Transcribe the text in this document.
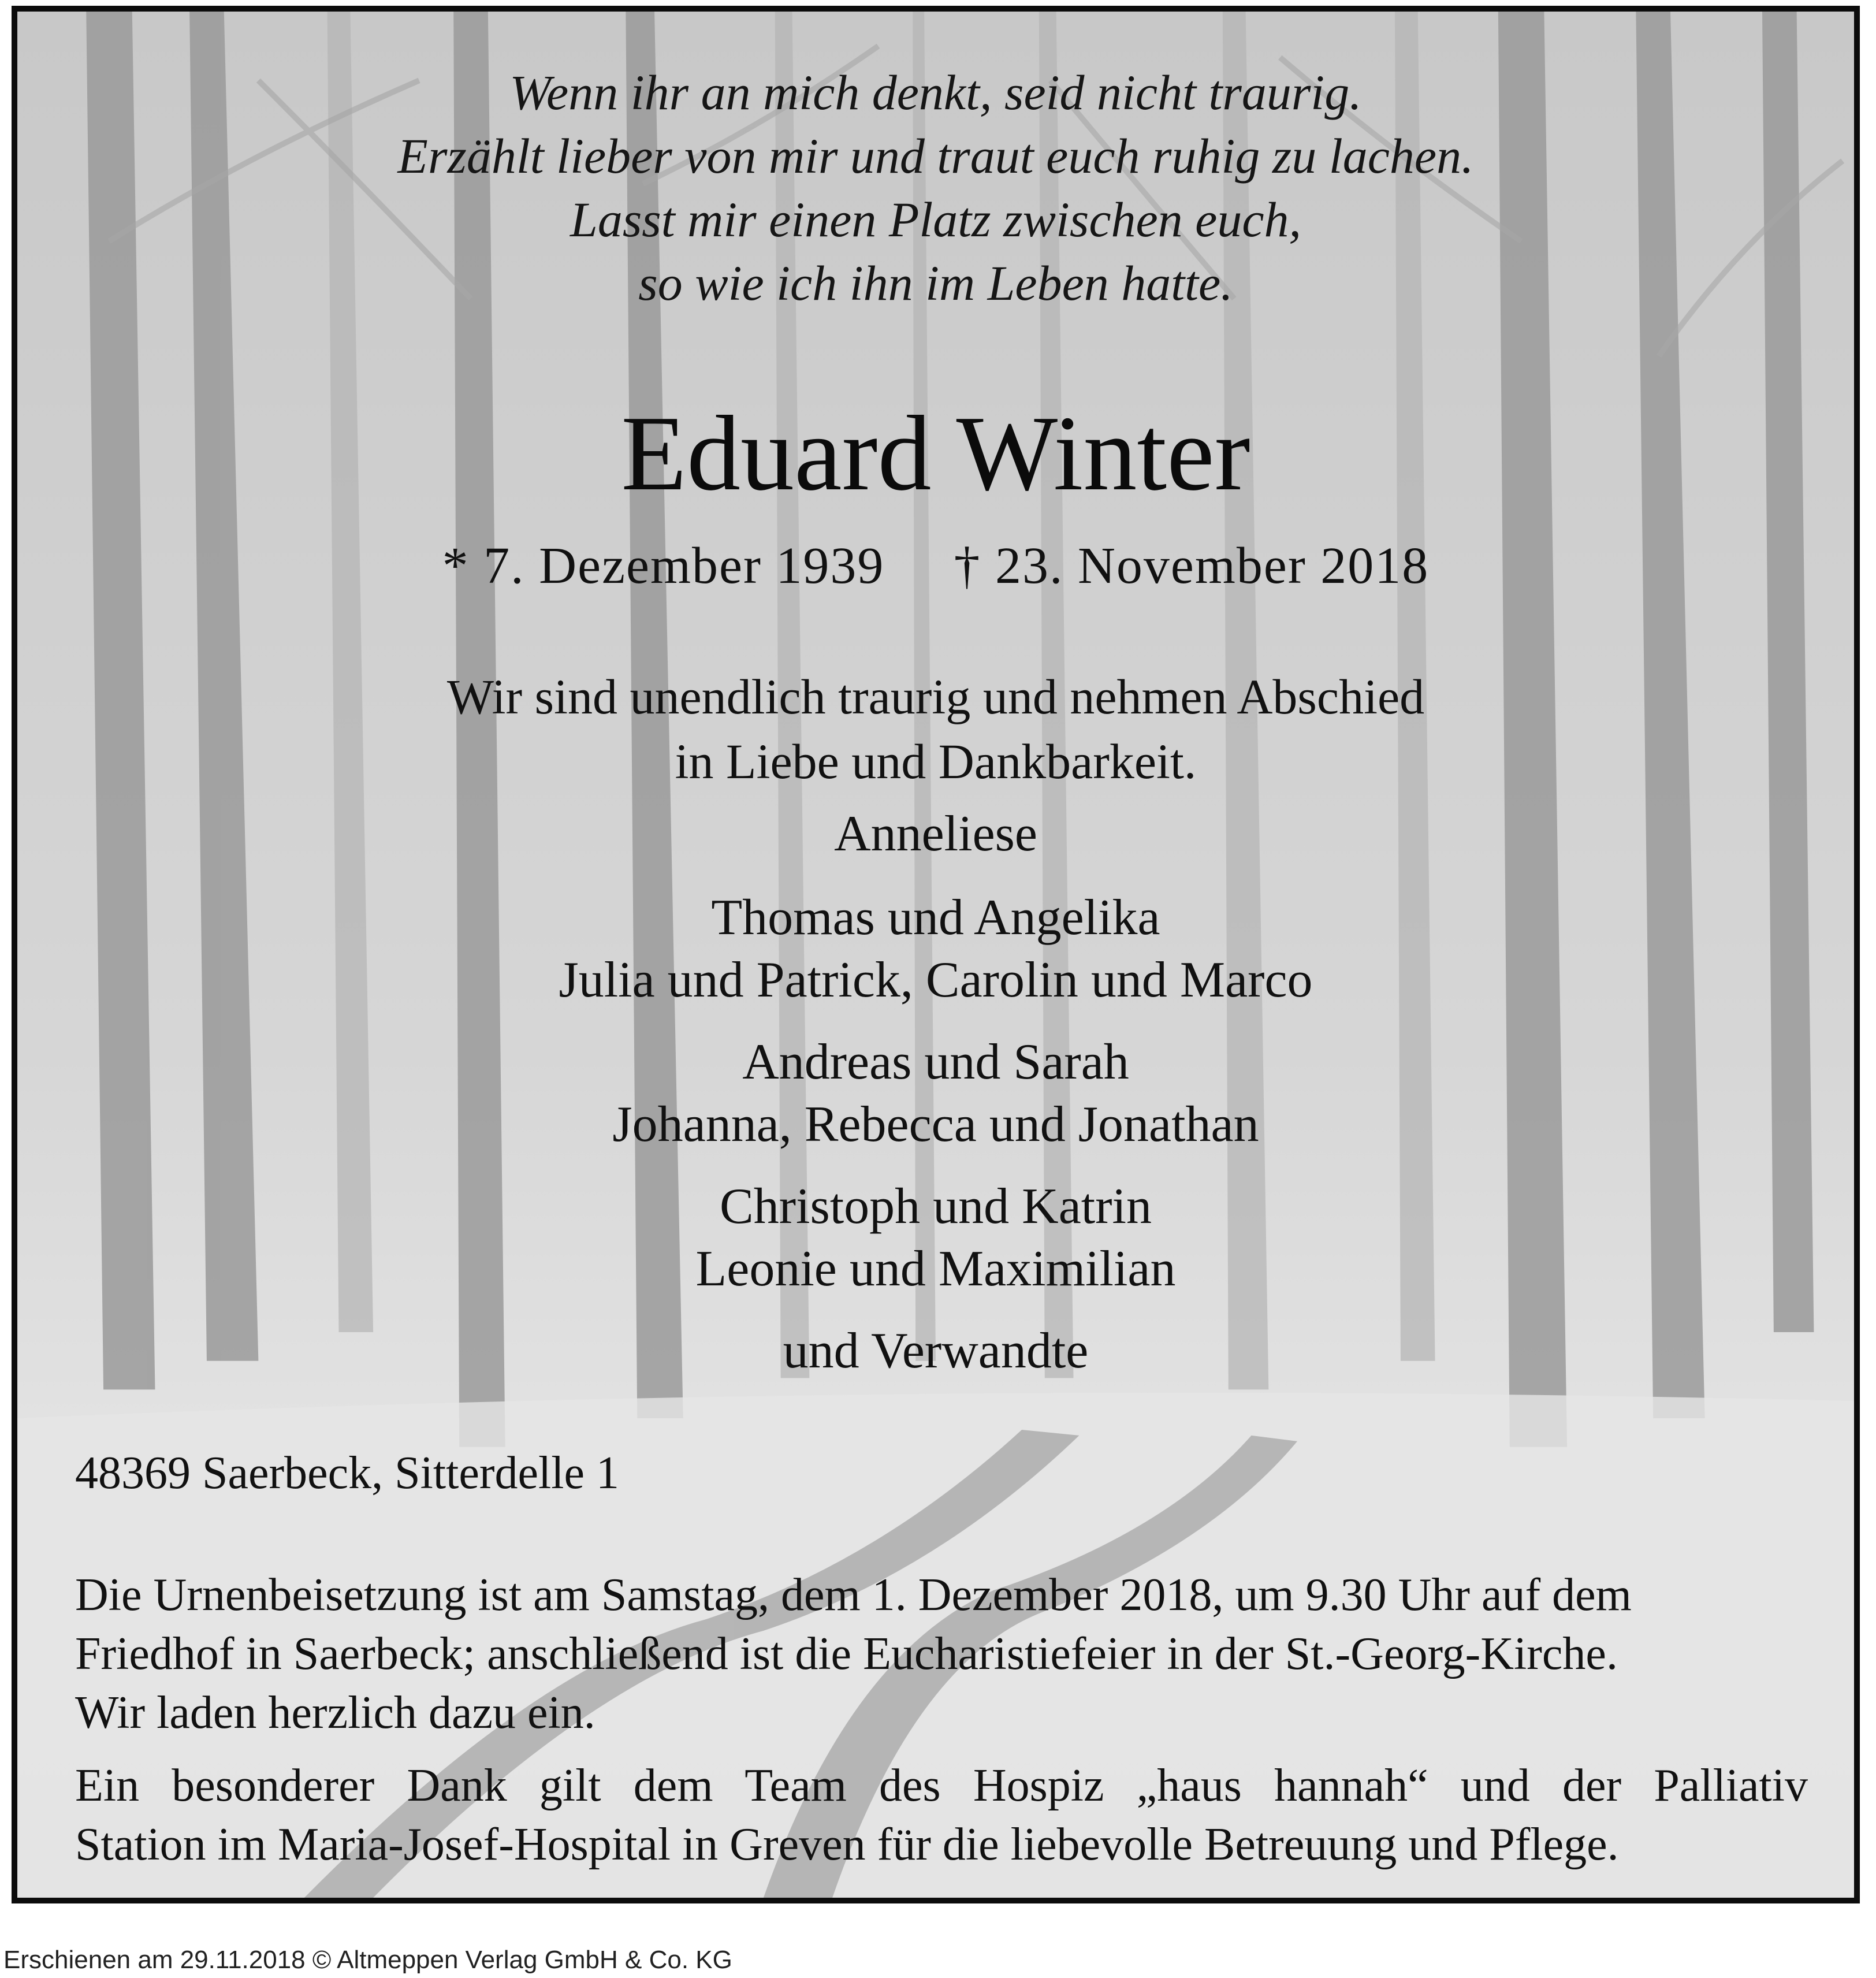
Wenn ihr an mich denkt, seid nicht traurig.
Erzählt lieber von mir und traut euch ruhig zu lachen.
Lasst mir einen Platz zwischen euch,
so wie ich ihn im Leben hatte.
Eduard Winter
* 7. Dezember 1939 † 23. November 2018
Wir sind unendlich traurig und nehmen Abschied
in Liebe und Dankbarkeit.
Anneliese
Thomas und Angelika
Julia und Patrick, Carolin und Marco
Andreas und Sarah
Johanna, Rebecca und Jonathan
Christoph und Katrin
Leonie und Maximilian
und Verwandte
48369 Saerbeck, Sitterdelle 1
Die Urnenbeisetzung ist am Samstag, dem 1. Dezember 2018, um 9.30 Uhr auf dem
Friedhof in Saerbeck; anschließend ist die Eucharistiefeier in der St.-Georg-Kirche.
Wir laden herzlich dazu ein.
Ein besonderer Dank gilt dem Team des Hospiz „haus hannah“ und der Palliativ
Station im Maria-Josef-Hospital in Greven für die liebevolle Betreuung und Pflege.
Erschienen am 29.11.2018 © Altmeppen Verlag GmbH & Co. KG
